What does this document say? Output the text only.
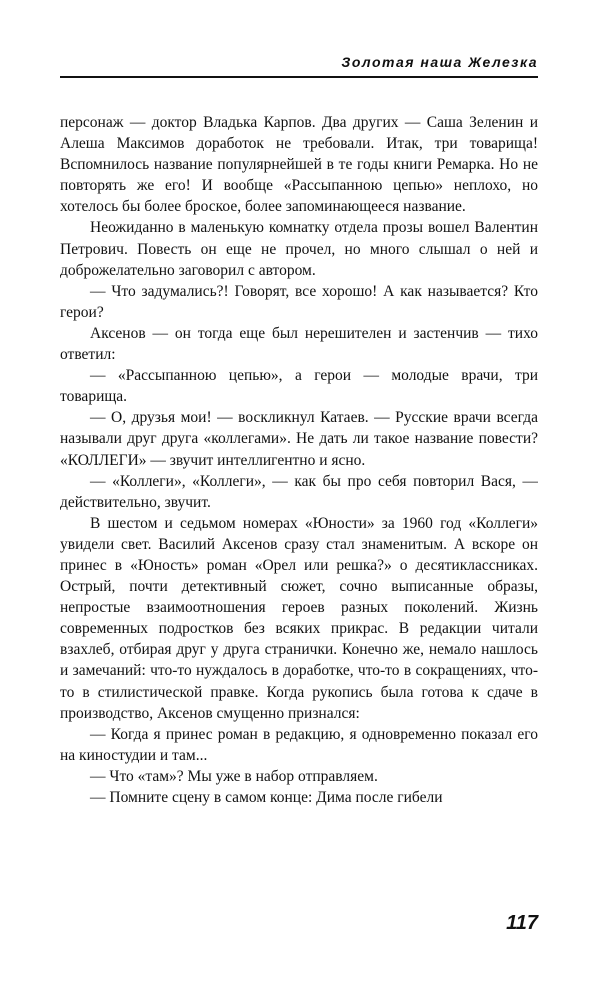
Золотая наша Железка

персонаж — доктор Владька Карпов. Два других — Саша Зеленин и Алеша Максимов доработок не требовали. Итак, три товарища! Вспомнилось название популярнейшей в те годы книги Ремарка. Но не повторять же его! И вообще «Рассыпанною цепью» неплохо, но хотелось бы более броское, более запоминающееся название.

Неожиданно в маленькую комнатку отдела прозы вошел Валентин Петрович. Повесть он еще не прочел, но много слышал о ней и доброжелательно заговорил с автором.

— Что задумались?! Говорят, все хорошо! А как называется? Кто герои?

Аксенов — он тогда еще был нерешителен и застенчив — тихо ответил:

— «Рассыпанною цепью», а герои — молодые врачи, три товарища.

— О, друзья мои! — воскликнул Катаев. — Русские врачи всегда называли друг друга «коллегами». Не дать ли такое название повести? «КОЛЛЕГИ» — звучит интеллигентно и ясно.

— «Коллеги», «Коллеги», — как бы про себя повторил Вася, — действительно, звучит.

В шестом и седьмом номерах «Юности» за 1960 год «Коллеги» увидели свет. Василий Аксенов сразу стал знаменитым. А вскоре он принес в «Юность» роман «Орел или решка?» о десятиклассниках. Острый, почти детективный сюжет, сочно выписанные образы, непростые взаимоотношения героев разных поколений. Жизнь современных подростков без всяких прикрас. В редакции читали взахлеб, отбирая друг у друга странички. Конечно же, немало нашлось и замечаний: что-то нуждалось в доработке, что-то в сокращениях, что-то в стилистической правке. Когда рукопись была готова к сдаче в производство, Аксенов смущенно признался:

— Когда я принес роман в редакцию, я одновременно показал его на киностудии и там...

— Что «там»? Мы уже в набор отправляем.

— Помните сцену в самом конце: Дима после гибели

117
